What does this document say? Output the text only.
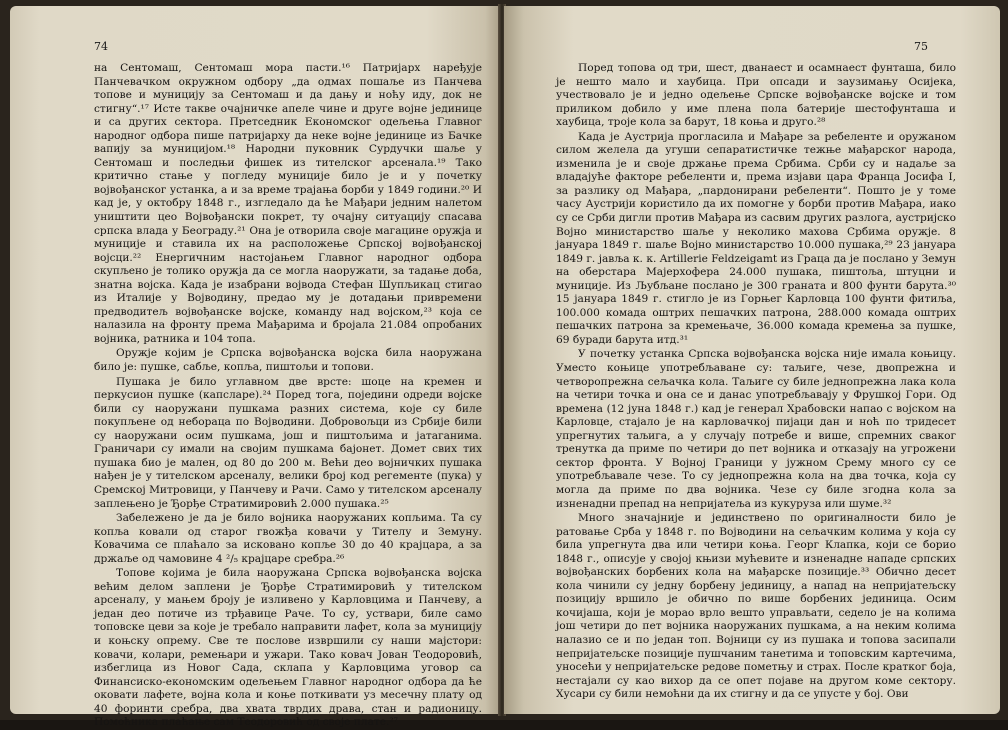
74

на Сентомаш, Сентомаш мора пасти.¹⁶ Патријарх наређује Панчевачком окружном одбору „да одмах пошаље из Панчева топове и муницију за Сентомаш и да дању и ноћу иду, док не стигну“.¹⁷ Исте такве очајничке апеле чине и друге војне јединице и са других сектора. Претседник Економског одељења Главног народног одбора пише патријарху да неке војне јединице из Бачке вапију за муницијом.¹⁸ Народни пуковник Сурдучки шаље у Сентомаш и последњи фишек из тителског арсенала.¹⁹ Тако критично стање у погледу муниције било је и у почетку војвођанског устанка, а и за време трајања борби у 1849 години.²⁰ И кад је, у октобру 1848 г., изгледало да ће Мађари једним налетом уништити цео Војвођански покрет, ту очајну ситуацију спасава српска влада у Београду.²¹ Она је отворила своје магацине оружја и муниције и ставила их на расположење Српској војвођанској војсци.²² Енергичним настојањем Главног народног одбора скупљено је толико оружја да се могла наоружати, за тадање доба, знатна војска. Када је изабрани војвода Стефан Шупљикац стигао из Италије у Војводину, предао му је дотадањи привремени предводитељ војвођанске војске, команду над војском,²³ која се налазила на фронту према Мађарима и бројала 21.084 опробаних војника, ратника и 104 топа.

Оружје којим је Српска војвођанска војска била наоружана било је: пушке, сабље, копља, пиштољи и топови.

Пушака је било углавном две врсте: шоце на кремен и перкусион пушке (капсларе).²⁴ Поред тога, поједини одреди војске били су наоружани пушкама разних система, које су биле покупљене од небораца по Војводини. Добровољци из Србије били су наоружани осим пушкама, још и пиштољима и јатаганима. Граничари су имали на својим пушкама бајонет. Домет свих тих пушака био је мален, од 80 до 200 м. Већи део војничких пушака нађен је у тителском арсеналу, велики број код регементе (пука) у Сремској Митровици, у Панчеву и Рачи. Само у тителском арсеналу заплењено је Ђорђе Стратимировић 2.000 пушака.²⁵

Забележено је да је било војника наоружаних копљима. Та су копља ковали од старог гвожђа ковачи у Тителу и Земуну. Ковачима се плаћало за исковано копље 30 до 40 крајцара, а за држаље од чамовине 4 ²/₅ крајцаре сребра.²⁶

Топове којима је била наоружана Српска војвођанска војска већим делом заплени је Ђорђе Стратимировић у тителском арсеналу, у мањем броју је изливено у Карловцима и Панчеву, а један део потиче из трђавице Раче. То су, уствари, биле само топовске цеви за које је требало направити лафет, кола за муницију и коњску опрему. Све те послове извршили су наши мајстори: ковачи, колари, ремењари и ужари. Тако ковач Јован Теодоровић, избеглица из Новог Сада, склапа у Карловцима уговор са Финансиско-економским одељењем Главног народног одбора да ће оковати лафете, војна кола и коње поткивати уз месечну плату од 40 форинти сребра, два хвата тврдих драва, стан и радионицу. Помоћника плаћање сам Теодоровић од своје плате.²⁷

75

Поред топова од три, шест, дванаест и осамнаест фунташа, било је нешто мало и хаубица. При опсади и заузимању Осијека, учествовало је и једно одељење Српске војвођанске војске и том приликом добило у име плена пола батерије шестофунташа и хаубица, троје кола за барут, 18 коња и друго.²⁸

Када је Аустрија прогласила и Мађаре за ребеленте и оружаном силом желела да угуши сепаратистичке тежње мађарског народа, изменила је и своје држање према Србима. Срби су и надаље за владајуће факторе ребеленти и, према изјави цара Франца Јосифа I, за разлику од Мађара, „пардонирани ребеленти“. Пошто је у томе часу Аустрији користило да их помогне у борби против Мађара, иако су се Срби дигли против Мађара из сасвим других разлога, аустријско Војно министарство шаље у неколико махова Србима оружје. 8 јануара 1849 г. шаље Војно министарство 10.000 пушака,²⁹ 23 јануара 1849 г. јавља к. к. Artillerie Feldzeigamt из Граца да је послано у Земун на оберстара Мајерхофера 24.000 пушака, пиштоља, штуцни и муниције. Из Љубљане послано је 300 граната и 800 фунти барута.³⁰ 15 јануара 1849 г. стигло је из Горњег Карловца 100 фунти фитиља, 100.000 комада оштрих пешачких патрона, 288.000 комада оштрих пешачких патрона за кремењаче, 36.000 комада кремења за пушке, 69 буради барута итд.³¹

У почетку устанка Српска војвођанска војска није имала коњицу. Уместо коњице употребљаване су: таљиге, чезе, двопрежна и четворопрежна сељачка кола. Таљиге су биле једнопрежна лака кола на четири точка и она се и данас употребљавају у Фрушкој Гори. Од времена (12 јуна 1848 г.) кад је генерал Храбовски напао с војском на Карловце, стајало је на карловачкој пијаци дан и ноћ по тридесет упрегнутих таљига, а у случају потребе и више, спремних сваког тренутка да приме по четири до пет војника и отказају на угрожени сектор фронта. У Војној Граници у јужном Срему много су се употребљавале чезе. То су једнопрежна кола на два точка, која су могла да приме по два војника. Чезе су биле згодна кола за изненадни препад на непријатеља из кукуруза или шуме.³²

Много значајније и јединствено по оригиналности било је ратовање Срба у 1848 г. по Војводини на сељачким колима у која су била упрегнута два или четири коња. Георг Клапка, који се борио 1848 г., описује у својој књизи мућевите и изненадне нападе српских војвођанских борбених кола на мађарске позиције.³³ Обично десет кола чинили су једну борбену јединицу, а напад на непријатељску позицију вршило је обично по више борбених јединица. Осим кочијаша, који је морао врло вешто управљати, седело је на колима још четири до пет војника наоружаних пушкама, а на неким колима налазио се и по један топ. Војници су из пушака и топова засипали непријатељске позиције пушчаним танетима и топовским картечима, уносећи у непријатељске редове пометњу и страх. После кратког боја, нестајали су као вихор да се опет појаве на другом коме сектору. Хусари су били немоћни да их стигну и да се упусте у бој. Ови
